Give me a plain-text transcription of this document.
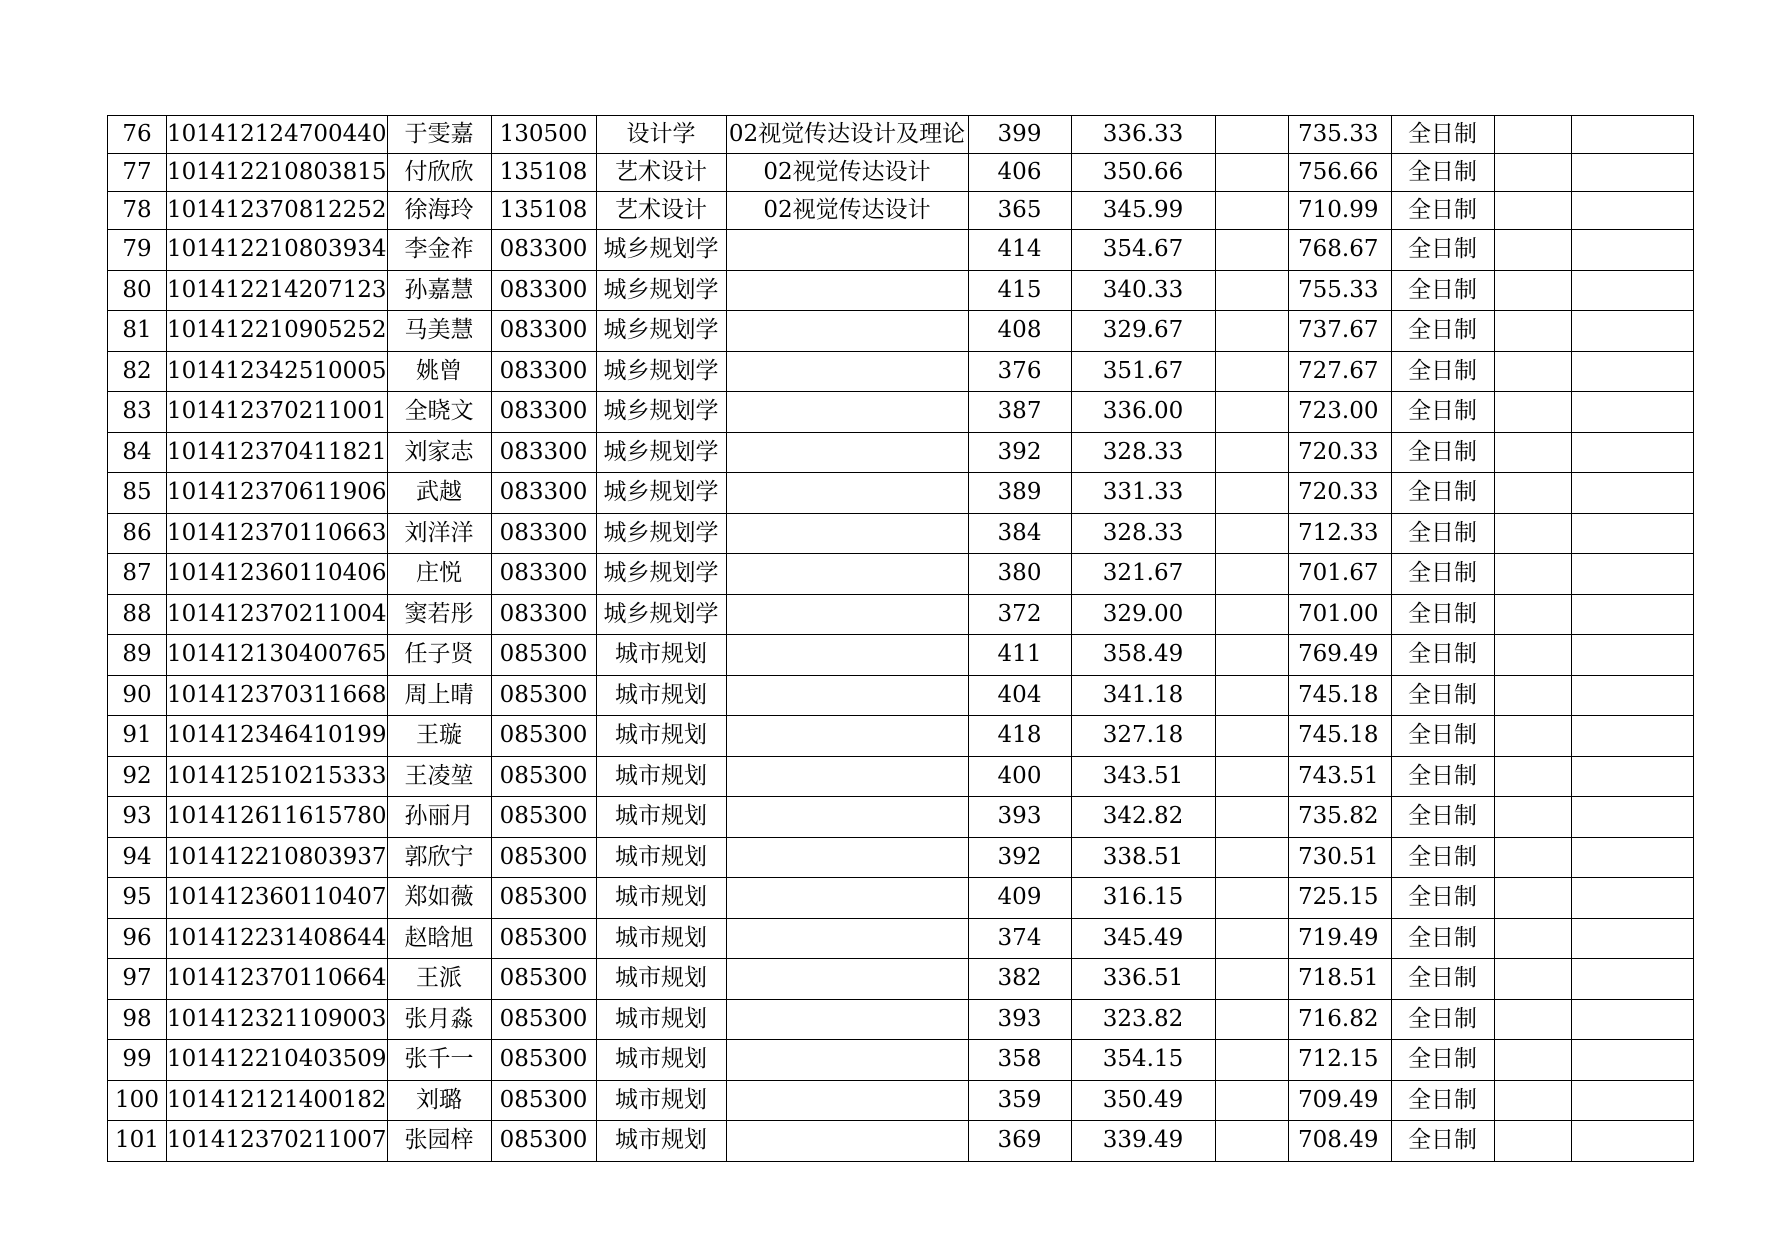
76	101412124700440	于雯嘉	130500	设计学	02视觉传达设计及理论	399	336.33		735.33	全日制		
77	101412210803815	付欣欣	135108	艺术设计	02视觉传达设计	406	350.66		756.66	全日制		
78	101412370812252	徐海玲	135108	艺术设计	02视觉传达设计	365	345.99		710.99	全日制		
79	101412210803934	李金祚	083300	城乡规划学		414	354.67		768.67	全日制		
80	101412214207123	孙嘉慧	083300	城乡规划学		415	340.33		755.33	全日制		
81	101412210905252	马美慧	083300	城乡规划学		408	329.67		737.67	全日制		
82	101412342510005	姚曾	083300	城乡规划学		376	351.67		727.67	全日制		
83	101412370211001	全晓文	083300	城乡规划学		387	336.00		723.00	全日制		
84	101412370411821	刘家志	083300	城乡规划学		392	328.33		720.33	全日制		
85	101412370611906	武越	083300	城乡规划学		389	331.33		720.33	全日制		
86	101412370110663	刘洋洋	083300	城乡规划学		384	328.33		712.33	全日制		
87	101412360110406	庄悦	083300	城乡规划学		380	321.67		701.67	全日制		
88	101412370211004	窦若彤	083300	城乡规划学		372	329.00		701.00	全日制		
89	101412130400765	任子贤	085300	城市规划		411	358.49		769.49	全日制		
90	101412370311668	周上晴	085300	城市规划		404	341.18		745.18	全日制		
91	101412346410199	王璇	085300	城市规划		418	327.18		745.18	全日制		
92	101412510215333	王凌堃	085300	城市规划		400	343.51		743.51	全日制		
93	101412611615780	孙丽月	085300	城市规划		393	342.82		735.82	全日制		
94	101412210803937	郭欣宁	085300	城市规划		392	338.51		730.51	全日制		
95	101412360110407	郑如薇	085300	城市规划		409	316.15		725.15	全日制		
96	101412231408644	赵晗旭	085300	城市规划		374	345.49		719.49	全日制		
97	101412370110664	王派	085300	城市规划		382	336.51		718.51	全日制		
98	101412321109003	张月淼	085300	城市规划		393	323.82		716.82	全日制		
99	101412210403509	张千一	085300	城市规划		358	354.15		712.15	全日制		
100	101412121400182	刘璐	085300	城市规划		359	350.49		709.49	全日制		
101	101412370211007	张园梓	085300	城市规划		369	339.49		708.49	全日制		
